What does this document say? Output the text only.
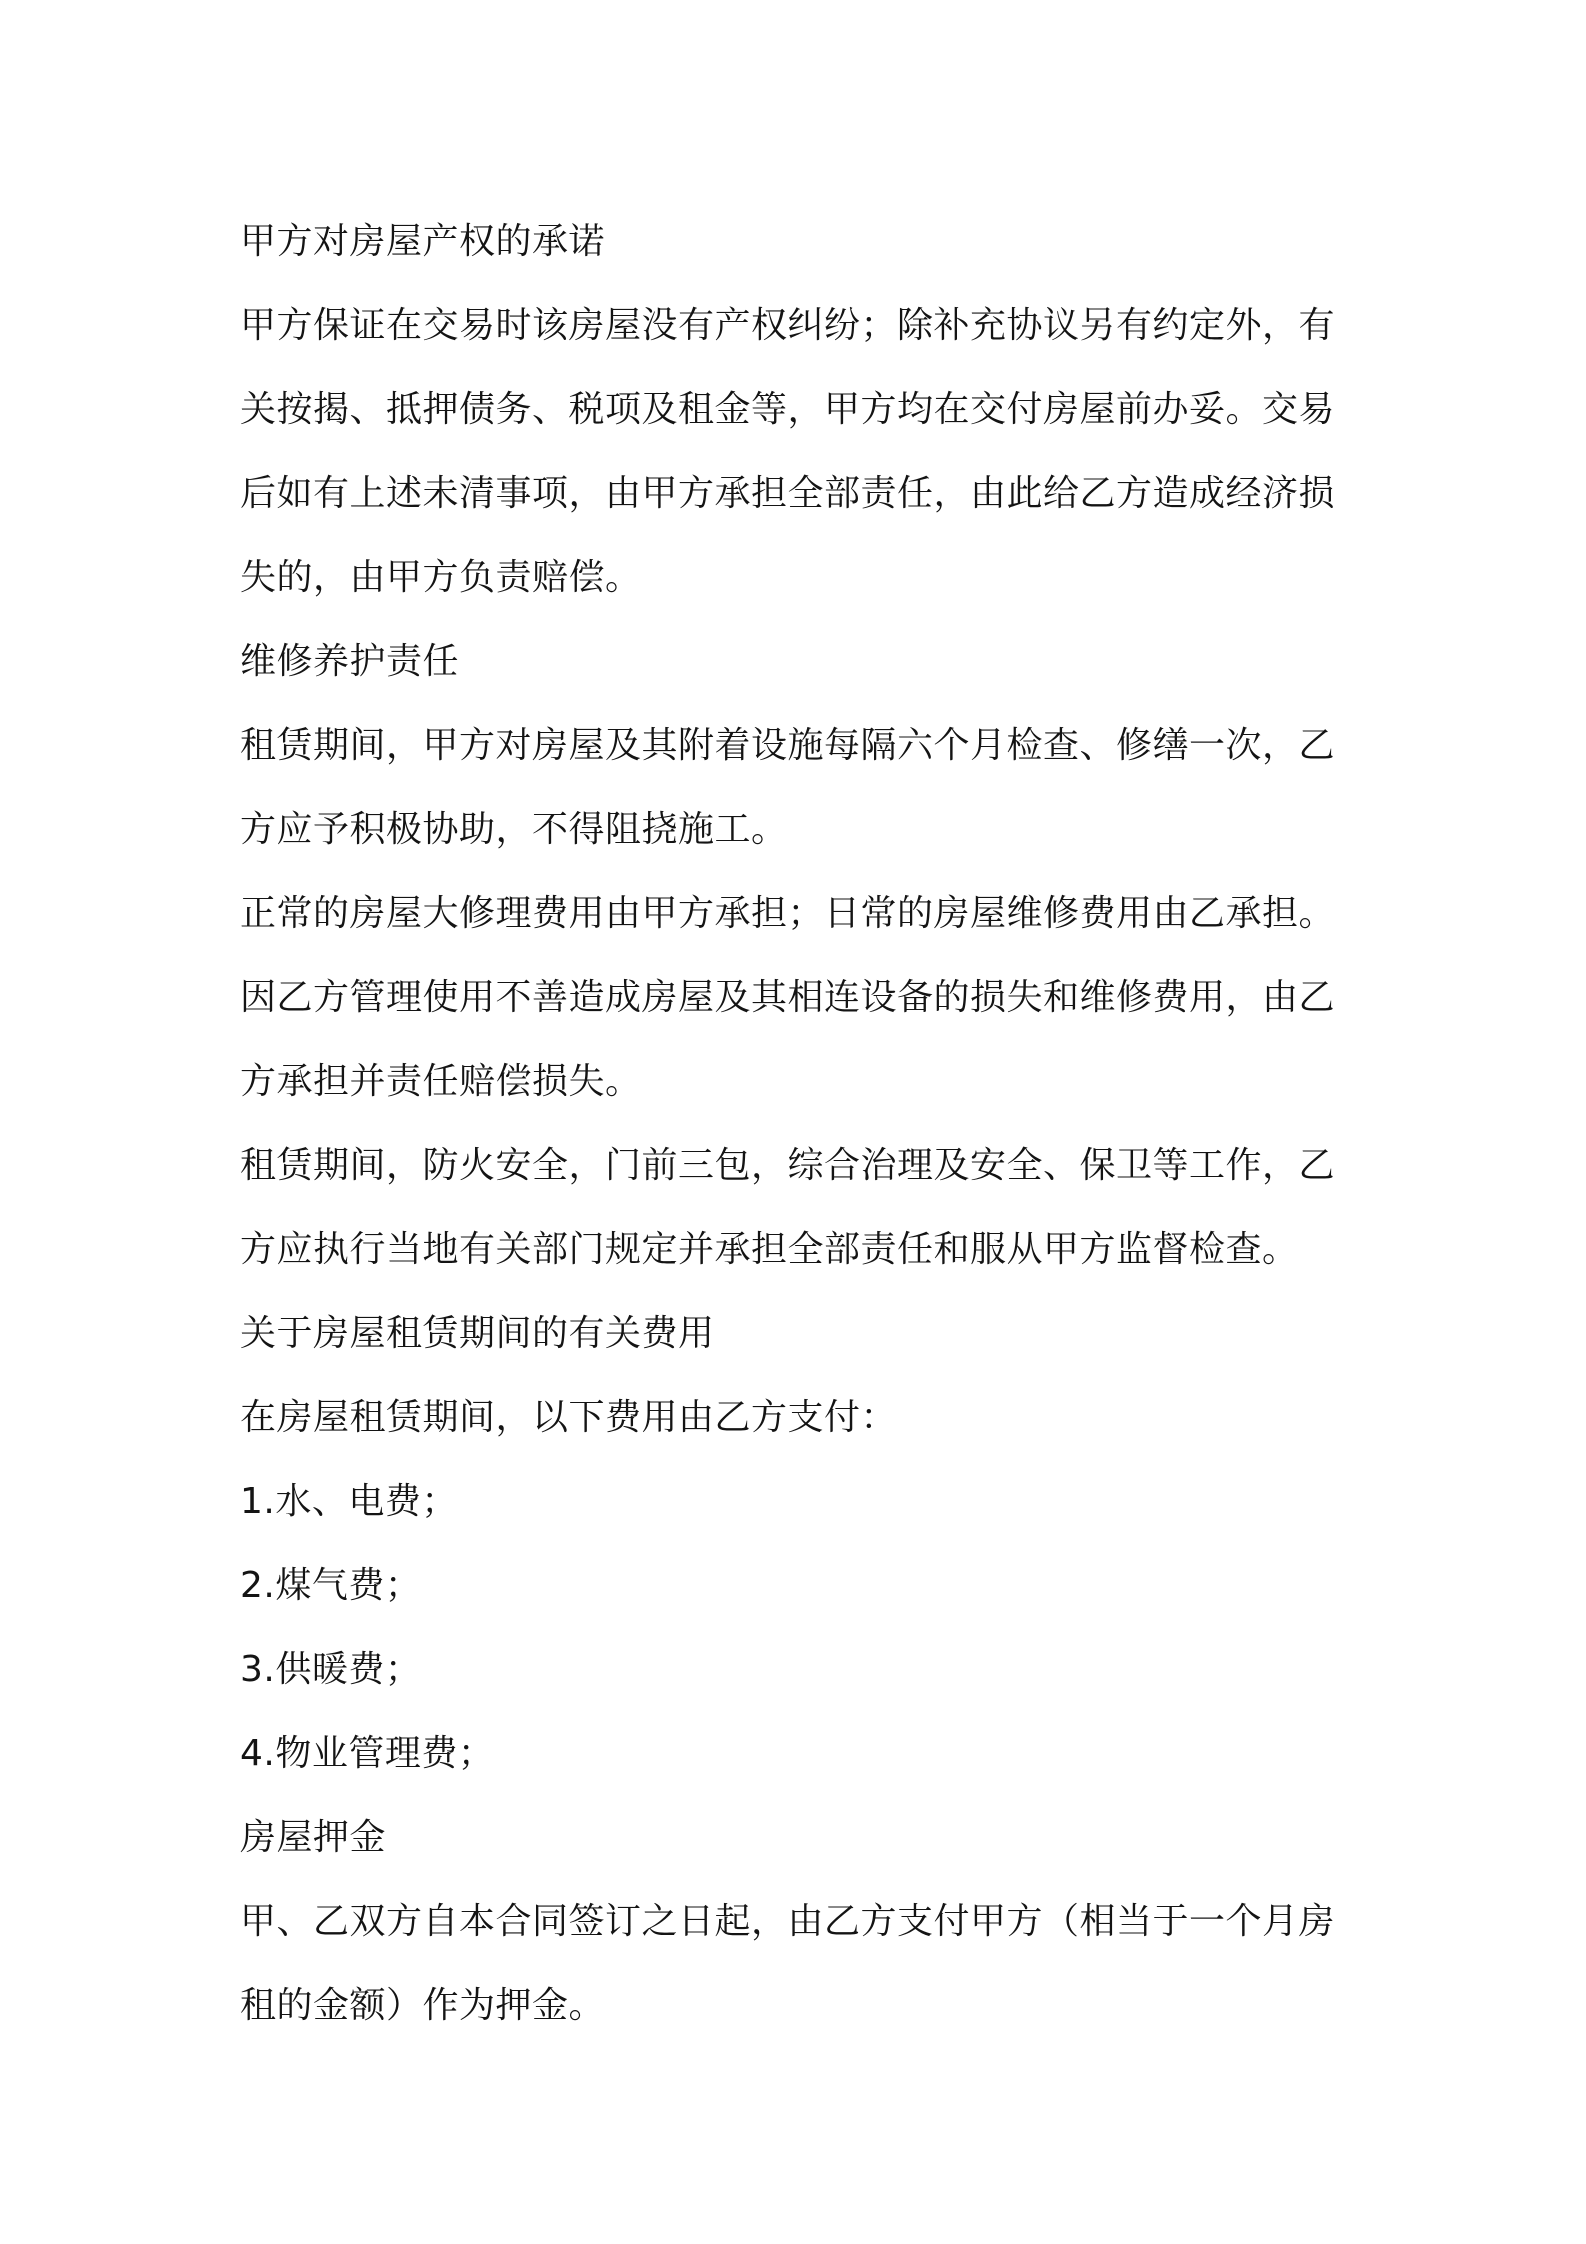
甲方对房屋产权的承诺
甲方保证在交易时该房屋没有产权纠纷；除补充协议另有约定外，有
关按揭、抵押债务、税项及租金等，甲方均在交付房屋前办妥。交易
后如有上述未清事项，由甲方承担全部责任，由此给乙方造成经济损
失的，由甲方负责赔偿。
维修养护责任
租赁期间，甲方对房屋及其附着设施每隔六个月检查、修缮一次，乙
方应予积极协助，不得阻挠施工。
正常的房屋大修理费用由甲方承担；日常的房屋维修费用由乙承担。
因乙方管理使用不善造成房屋及其相连设备的损失和维修费用，由乙
方承担并责任赔偿损失。
租赁期间，防火安全，门前三包，综合治理及安全、保卫等工作，乙
方应执行当地有关部门规定并承担全部责任和服从甲方监督检查。
关于房屋租赁期间的有关费用
在房屋租赁期间，以下费用由乙方支付：
1.水、电费；
2.煤气费；
3.供暖费；
4.物业管理费；
房屋押金
甲、乙双方自本合同签订之日起，由乙方支付甲方（相当于一个月房
租的金额）作为押金。
